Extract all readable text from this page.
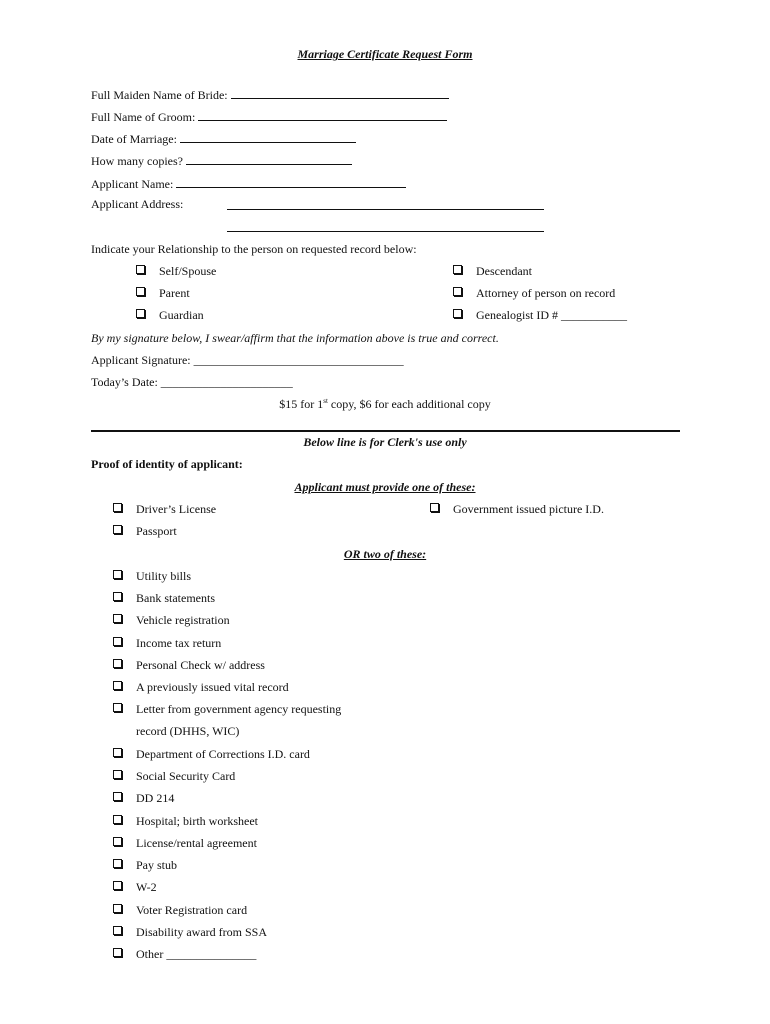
Marriage Certificate Request Form
Full Maiden Name of Bride:
Full Name of Groom:
Date of Marriage:
How many copies?
Applicant Name:
Applicant Address:
Indicate your Relationship to the person on requested record below:
Self/Spouse
Parent
Guardian
Descendant
Attorney of person on record
Genealogist ID # ___________
By my signature below, I swear/affirm that the information above is true and correct.
Applicant Signature: ___________________________________
Today’s Date: ______________________
$15 for 1st copy, $6 for each additional copy
Below line is for Clerk's use only
Proof of identity of applicant:
Applicant must provide one of these:
Driver’s License
Passport
Government issued picture I.D.
OR two of these:
Utility bills
Bank statements
Vehicle registration
Income tax return
Personal Check w/ address
A previously issued vital record
Letter from government agency requesting
record (DHHS, WIC)
Department of Corrections I.D. card
Social Security Card
DD 214
Hospital; birth worksheet
License/rental agreement
Pay stub
W-2
Voter Registration card
Disability award from SSA
Other _______________
